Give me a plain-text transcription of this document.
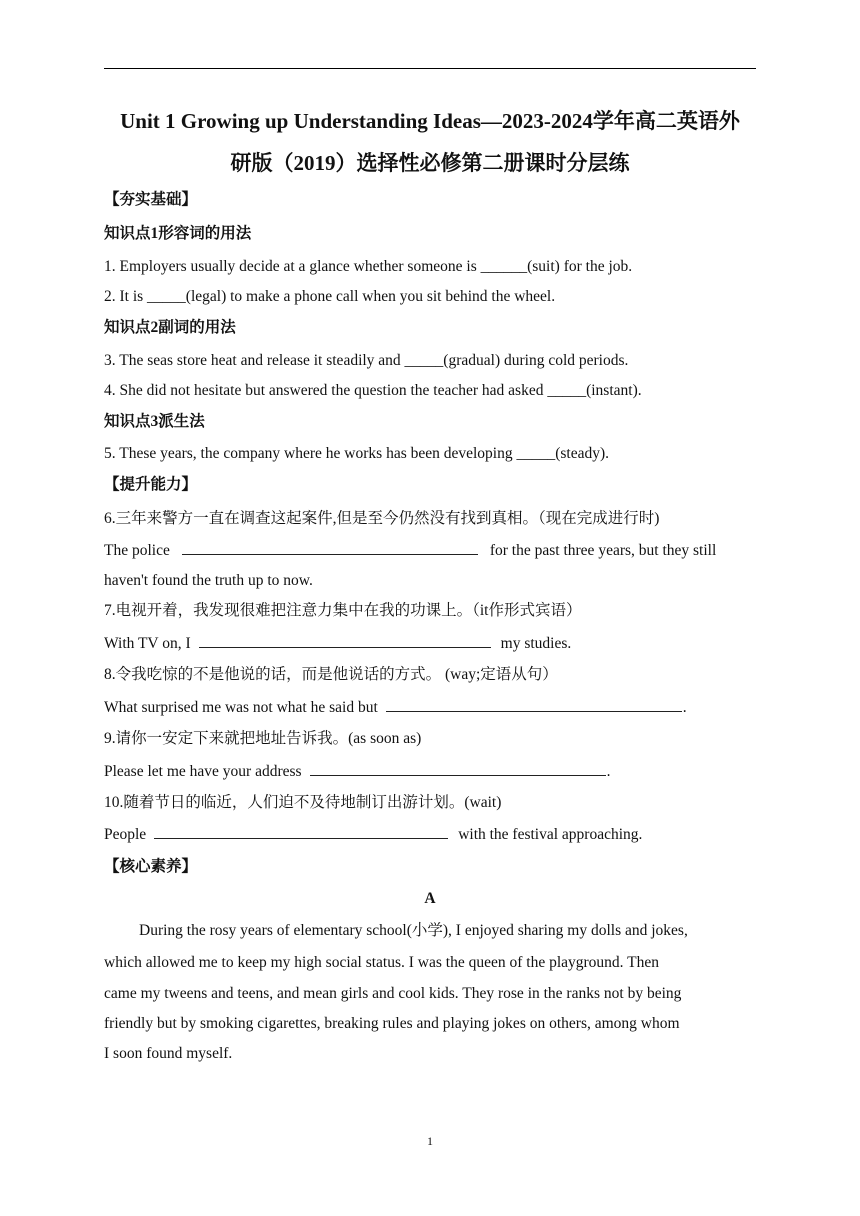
Unit 1 Growing up Understanding Ideas—2023-2024学年高二英语外
研版（2019）选择性必修第二册课时分层练
【夯实基础】
知识点1形容词的用法
1. Employers usually decide at a glance whether someone is ______(suit) for the job.
2. It is _____(legal) to make a phone call when you sit behind the wheel.
知识点2副词的用法
3. The seas store heat and release it steadily and _____(gradual) during cold periods.
4. She did not hesitate but answered the question the teacher had asked _____(instant).
知识点3派生法
5. These years, the company where he works has been developing _____(steady).
【提升能力】
6.三年来警方一直在调查这起案件,但是至今仍然没有找到真相。（现在完成进行时)
The police	for the past three years, but they still
haven't found the truth up to now.
7.电视开着，我发现很难把注意力集中在我的功课上。（it作形式宾语）
With TV on, I	my studies.
8.令我吃惊的不是他说的话，而是他说话的方式。 (way;定语从句）
What surprised me was not what he said but	.
9.请你一安定下来就把地址告诉我。(as soon as)
Please let me have your address	.
10.随着节日的临近，人们迫不及待地制订出游计划。(wait)
People	with the festival approaching.
【核心素养】
A
During the rosy years of elementary school(小学), I enjoyed sharing my dolls and jokes,
which allowed me to keep my high social status. I was the queen of the playground. Then
came my tweens and teens, and mean girls and cool kids. They rose in the ranks not by being
friendly but by smoking cigarettes, breaking rules and playing jokes on others, among whom
I soon found myself.
1
